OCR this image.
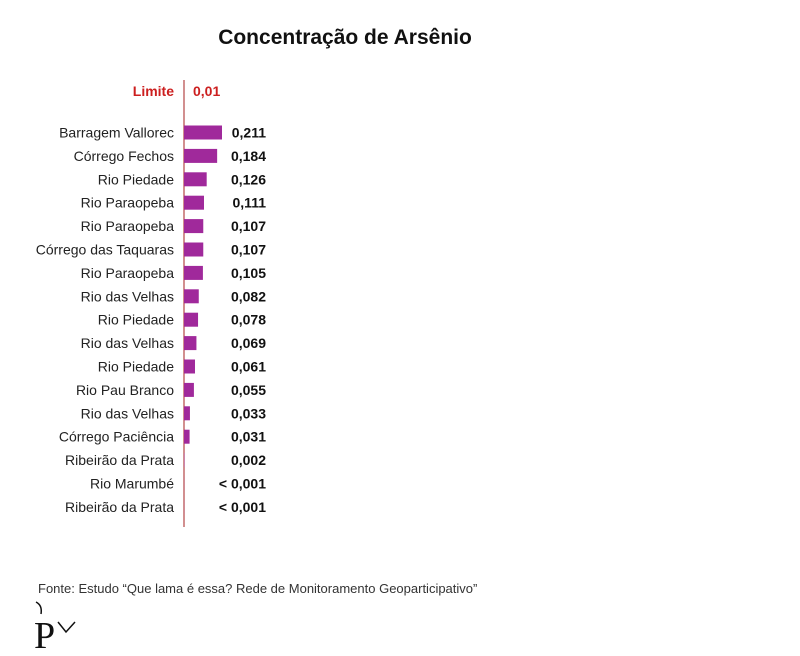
Concentração de Arsênio
Limite 0,01
Barragem Vallorec	0,211
Córrego Fechos	0,184
Rio Piedade	0,126
Rio Paraopeba	0,111
Rio Paraopeba	0,107
Córrego das Taquaras	0,107
Rio Paraopeba	0,105
Rio das Velhas	0,082
Rio Piedade	0,078
Rio das Velhas	0,069
Rio Piedade	0,061
Rio Pau Branco	0,055
Rio das Velhas	0,033
Córrego Paciência	0,031
Ribeirão da Prata	0,002
Rio Marumbé	< 0,001
Ribeirão da Prata	< 0,001
Fonte: Estudo “Que lama é essa? Rede de Monitoramento Geoparticipativo”
P
